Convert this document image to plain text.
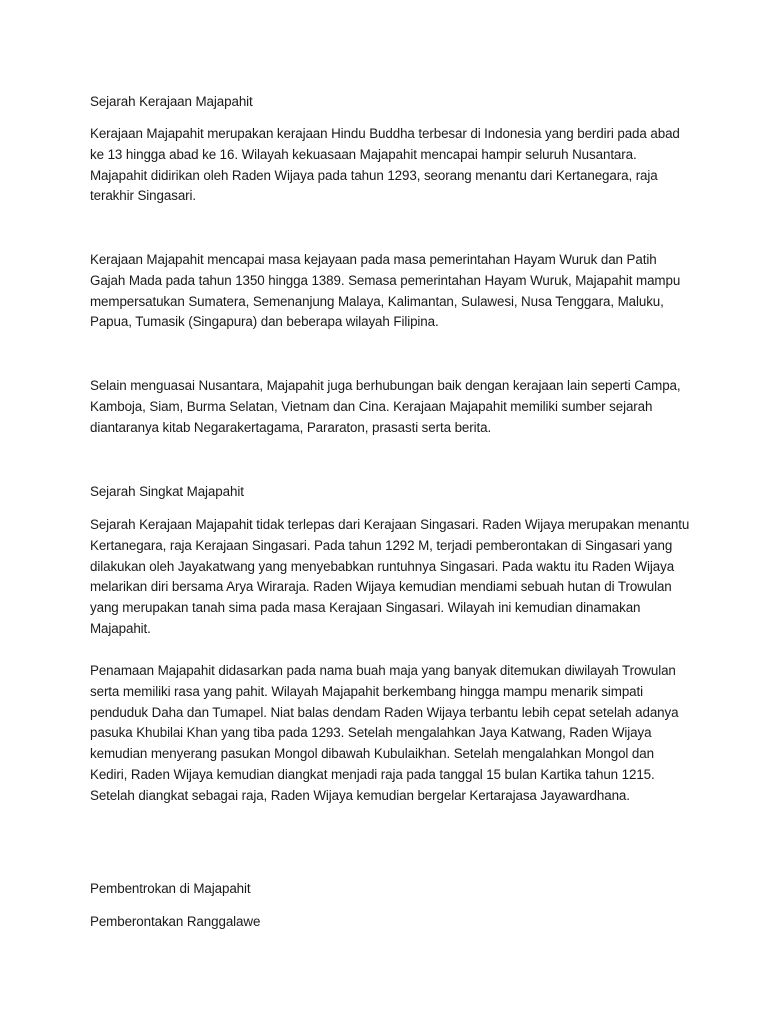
Sejarah Kerajaan Majapahit

Kerajaan Majapahit merupakan kerajaan Hindu Buddha terbesar di Indonesia yang berdiri pada abad ke 13 hingga abad ke 16. Wilayah kekuasaan Majapahit mencapai hampir seluruh Nusantara. Majapahit didirikan oleh Raden Wijaya pada tahun 1293, seorang menantu dari Kertanegara, raja terakhir Singasari.

Kerajaan Majapahit mencapai masa kejayaan pada masa pemerintahan Hayam Wuruk dan Patih Gajah Mada pada tahun 1350 hingga 1389. Semasa pemerintahan Hayam Wuruk, Majapahit mampu mempersatukan Sumatera, Semenanjung Malaya, Kalimantan, Sulawesi, Nusa Tenggara, Maluku, Papua, Tumasik (Singapura) dan beberapa wilayah Filipina.

Selain menguasai Nusantara, Majapahit juga berhubungan baik dengan kerajaan lain seperti Campa, Kamboja, Siam, Burma Selatan, Vietnam dan Cina. Kerajaan Majapahit memiliki sumber sejarah diantaranya kitab Negarakertagama, Pararaton, prasasti serta berita.

Sejarah Singkat Majapahit

Sejarah Kerajaan Majapahit tidak terlepas dari Kerajaan Singasari. Raden Wijaya merupakan menantu Kertanegara, raja Kerajaan Singasari. Pada tahun 1292 M, terjadi pemberontakan di Singasari yang dilakukan oleh Jayakatwang yang menyebabkan runtuhnya Singasari. Pada waktu itu Raden Wijaya melarikan diri bersama Arya Wiraraja. Raden Wijaya kemudian mendiami sebuah hutan di Trowulan yang merupakan tanah sima pada masa Kerajaan Singasari. Wilayah ini kemudian dinamakan Majapahit.

Penamaan Majapahit didasarkan pada nama buah maja yang banyak ditemukan diwilayah Trowulan serta memiliki rasa yang pahit. Wilayah Majapahit berkembang hingga mampu menarik simpati penduduk Daha dan Tumapel. Niat balas dendam Raden Wijaya terbantu lebih cepat setelah adanya pasuka Khubilai Khan yang tiba pada 1293. Setelah mengalahkan Jaya Katwang, Raden Wijaya kemudian menyerang pasukan Mongol dibawah Kubulaikhan. Setelah mengalahkan Mongol dan Kediri, Raden Wijaya kemudian diangkat menjadi raja pada tanggal 15 bulan Kartika tahun 1215. Setelah diangkat sebagai raja, Raden Wijaya kemudian bergelar Kertarajasa Jayawardhana.

Pembentrokan di Majapahit

Pemberontakan Ranggalawe
